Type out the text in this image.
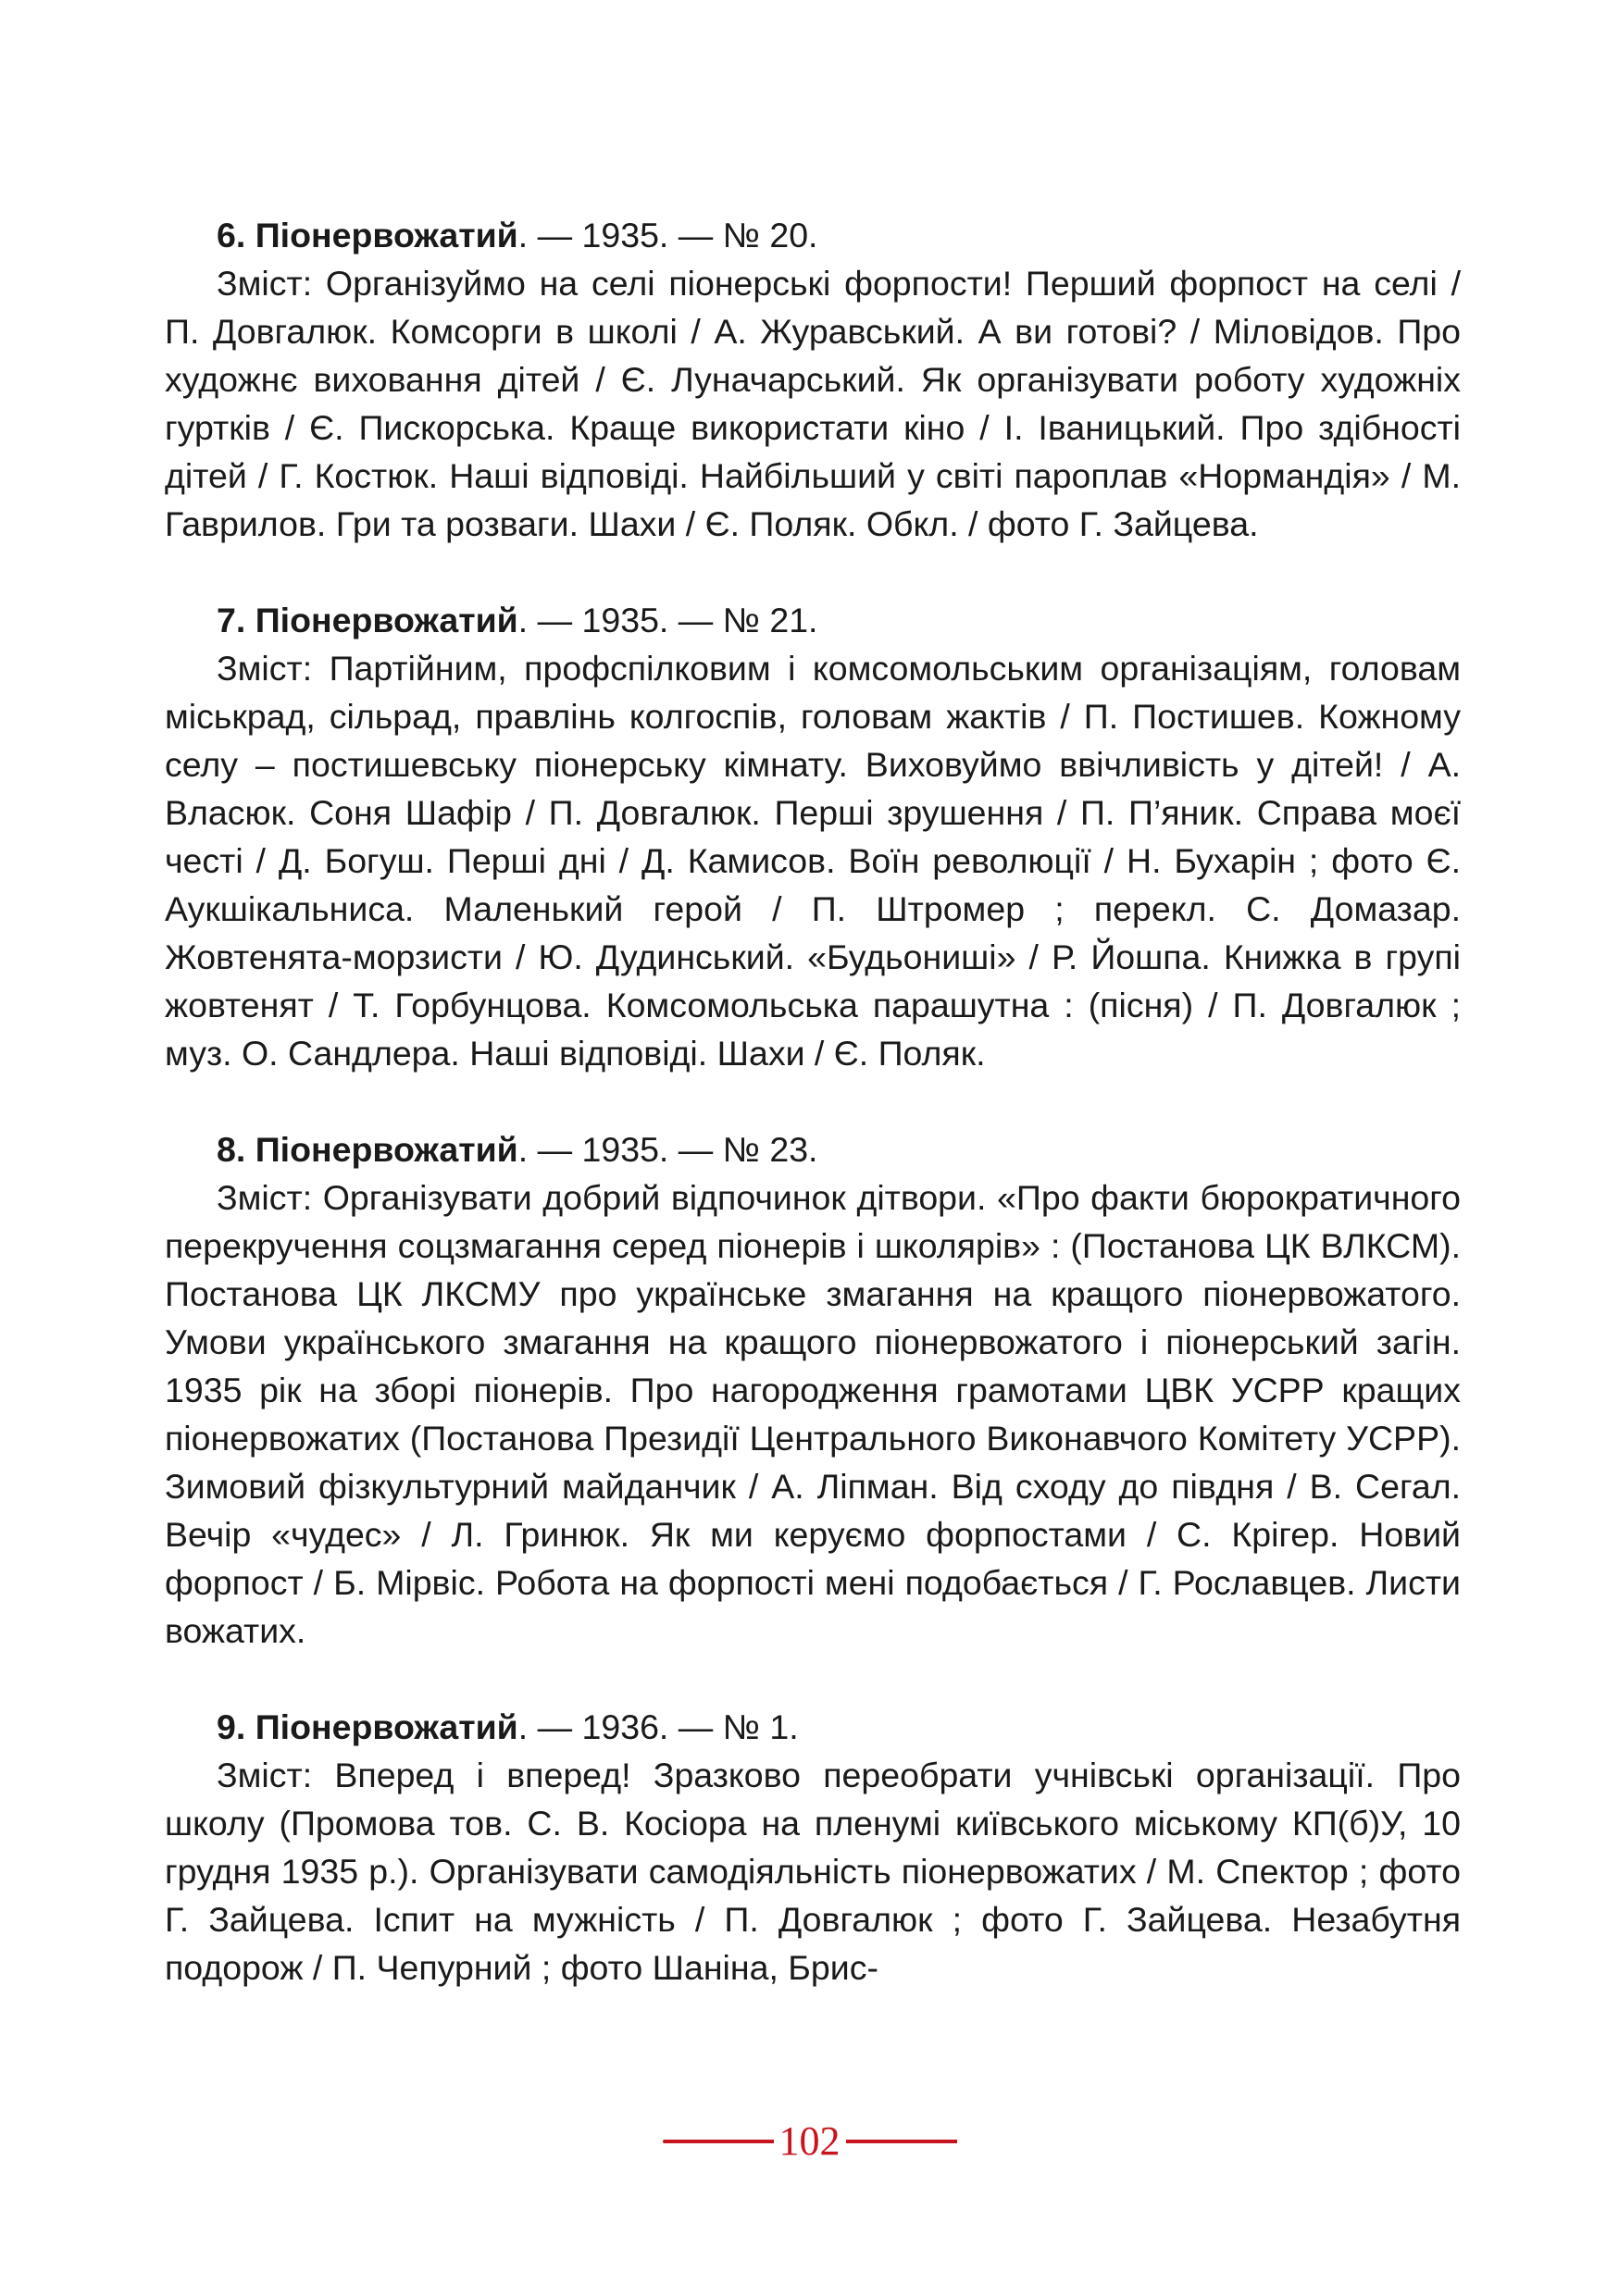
6. Піонервожатий. — 1935. — № 20.

Зміст: Організуймо на селі піонерські форпости! Перший форпост на селі / П. Довгалюк. Комсорги в школі / А. Журавський. А ви готові? / Міловідов. Про художнє виховання дітей / Є. Луначарський. Як організувати роботу художніх гуртків / Є. Пискорська. Краще використати кіно / І. Іваницький. Про здібності дітей / Г. Костюк. Наші відповіді. Найбільший у світі пароплав «Нормандія» / М. Гаврилов. Гри та розваги. Шахи / Є. Поляк. Обкл. / фото Г. Зайцева.

7. Піонервожатий. — 1935. — № 21.

Зміст: Партійним, профспілковим і комсомольським організаціям, головам міськрад, сільрад, правлінь колгоспів, головам жактів / П. Постишев. Кожному селу – постишевську піонерську кімнату. Виховуймо ввічливість у дітей! / А. Власюк. Соня Шафір / П. Довгалюк. Перші зрушення / П. П’яник. Справа моєї честі / Д. Богуш. Перші дні / Д. Камисов. Воїн революції / Н. Бухарін ; фото Є. Аукшікальниса. Маленький герой / П. Штромер ; перекл. С. Домазар. Жовтенята-морзисти / Ю. Дудинський. «Будьониші» / Р. Йошпа. Книжка в групі жовтенят / Т. Горбунцова. Комсомольська парашутна : (пісня) / П. Довгалюк ; муз. О. Сандлера. Наші відповіді. Шахи / Є. Поляк.

8. Піонервожатий. — 1935. — № 23.

Зміст: Організувати добрий відпочинок дітвори. «Про факти бюрократичного перекручення соцзмагання серед піонерів і школярів» : (Постанова ЦК ВЛКСМ). Постанова ЦК ЛКСМУ про українське змагання на кращого піонервожатого. Умови українського змагання на кращого піонервожатого і піонерський загін. 1935 рік на зборі піонерів. Про нагородження грамотами ЦВК УСРР кращих піонервожатих (Постанова Президії Центрального Виконавчого Комітету УСРР). Зимовий фізкультурний майданчик / А. Ліпман. Від сходу до півдня / В. Сегал. Вечір «чудес» / Л. Гринюк. Як ми керуємо форпостами / С. Крігер. Новий форпост / Б. Мірвіс. Робота на форпості мені подобається / Г. Рославцев. Листи вожатих.

9. Піонервожатий. — 1936. — № 1.

Зміст: Вперед і вперед! Зразково переобрати учнівські організації. Про школу (Промова тов. С. В. Косіора на пленумі київського міському КП(б)У, 10 грудня 1935 р.). Організувати самодіяльність піонервожатих / М. Спектор ; фото Г. Зайцева. Іспит на мужність / П. Довгалюк ; фото Г. Зайцева. Незабутня подорож / П. Чепурний ; фото Шаніна, Брис-

102
